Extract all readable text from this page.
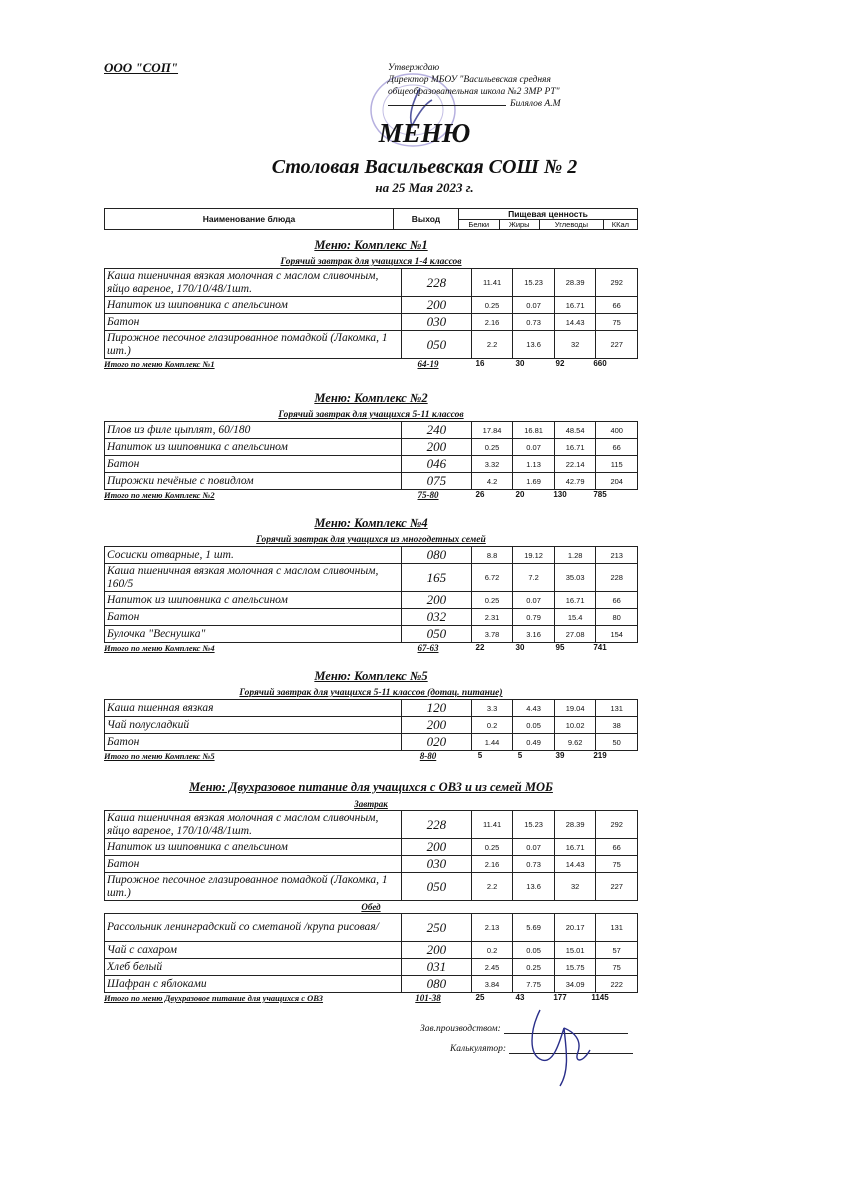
ООО "СОП"	Утверждаю
Директор МБОУ "Васильевская средняя
общеобразовательная школа №2 ЗМР РТ"
Билялов А.М
МЕНЮ
Столовая Васильевская СОШ № 2
на 25 Мая 2023 г.
Наименование блюда	Выход	Пищевая ценность			
		Белки	Жиры	Углеводы	ККал
Меню: Комплекс №1
Горячий завтрак для учащихся 1-4 классов
Каша пшеничная вязкая молочная с маслом сливочным, яйцо вареное, 170/10/48/1шт.	228	11.41	15.23	28.39	292
Напиток из шиповника с апельсином	200	0.25	0.07	16.71	66
Батон	030	2.16	0.73	14.43	75
Пирожное песочное глазированное помадкой (Лакомка, 1 шт.)	050	2.2	13.6	32	227
Итого по меню Комплекс №1	64-19	16	30	92	660
Меню: Комплекс №2
Горячий завтрак для учащихся 5-11 классов
Плов из филе цыплят, 60/180	240	17.84	16.81	48.54	400
Напиток из шиповника с апельсином	200	0.25	0.07	16.71	66
Батон	046	3.32	1.13	22.14	115
Пирожки печёные с повидлом	075	4.2	1.69	42.79	204
Итого по меню Комплекс №2	75-80	26	20	130	785
Меню: Комплекс №4
Горячий завтрак для учащихся из многодетных семей
Сосиски отварные, 1 шт.	080	8.8	19.12	1.28	213
Каша пшеничная вязкая молочная с маслом сливочным, 160/5	165	6.72	7.2	35.03	228
Напиток из шиповника с апельсином	200	0.25	0.07	16.71	66
Батон	032	2.31	0.79	15.4	80
Булочка "Веснушка"	050	3.78	3.16	27.08	154
Итого по меню Комплекс №4	67-63	22	30	95	741
Меню: Комплекс №5
Горячий завтрак для учащихся 5-11 классов (дотац. питание)
Каша пшенная вязкая	120	3.3	4.43	19.04	131
Чай полусладкий	200	0.2	0.05	10.02	38
Батон	020	1.44	0.49	9.62	50
Итого по меню Комплекс №5	8-80	5	5	39	219
Меню: Двухразовое питание для учащихся с ОВЗ и из семей МОБ
Завтрак
Каша пшеничная вязкая молочная с маслом сливочным, яйцо вареное, 170/10/48/1шт.	228	11.41	15.23	28.39	292
Напиток из шиповника с апельсином	200	0.25	0.07	16.71	66
Батон	030	2.16	0.73	14.43	75
Пирожное песочное глазированное помадкой (Лакомка, 1 шт.)	050	2.2	13.6	32	227
Обед
Рассольник ленинградский со сметаной /крупа рисовая/	250	2.13	5.69	20.17	131
Чай с сахаром	200	0.2	0.05	15.01	57
Хлеб белый	031	2.45	0.25	15.75	75
Шафран с яблоками	080	3.84	7.75	34.09	222
Итого по меню Двухразовое питание для учащихся с ОВЗ	101-38	25	43	177	1145
Зав.производством:
Калькулятор:
